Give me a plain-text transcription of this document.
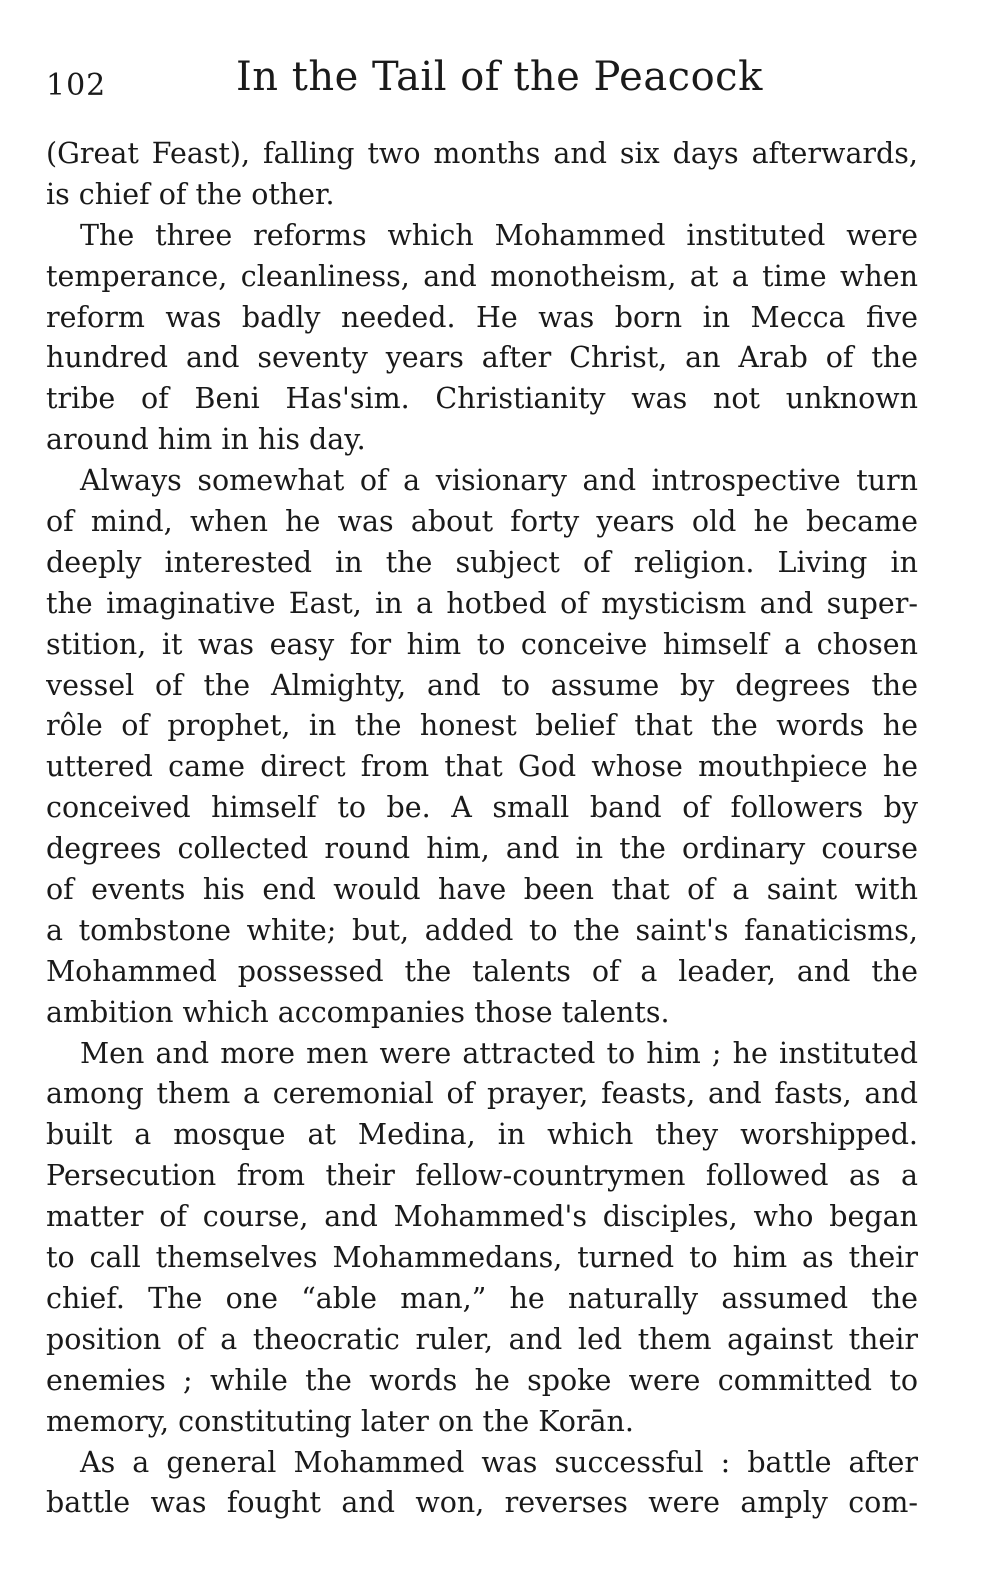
102	In the Tail of the Peacock
(Great Feast), falling two months and six days afterwards,
is chief of the other.
The three reforms which Mohammed instituted were
temperance, cleanliness, and monotheism, at a time when
reform was badly needed. He was born in Mecca five
hundred and seventy years after Christ, an Arab of the
tribe of Beni Has'sim. Christianity was not unknown
around him in his day.
Always somewhat of a visionary and introspective turn
of mind, when he was about forty years old he became
deeply interested in the subject of religion. Living in
the imaginative East, in a hotbed of mysticism and super-
stition, it was easy for him to conceive himself a chosen
vessel of the Almighty, and to assume by degrees the
rôle of prophet, in the honest belief that the words he
uttered came direct from that God whose mouthpiece he
conceived himself to be. A small band of followers by
degrees collected round him, and in the ordinary course
of events his end would have been that of a saint with
a tombstone white; but, added to the saint's fanaticisms,
Mohammed possessed the talents of a leader, and the
ambition which accompanies those talents.
Men and more men were attracted to him ; he instituted
among them a ceremonial of prayer, feasts, and fasts, and
built a mosque at Medina, in which they worshipped.
Persecution from their fellow-countrymen followed as a
matter of course, and Mohammed's disciples, who began
to call themselves Mohammedans, turned to him as their
chief. The one “able man,” he naturally assumed the
position of a theocratic ruler, and led them against their
enemies ; while the words he spoke were committed to
memory, constituting later on the Korān.
As a general Mohammed was successful : battle after
battle was fought and won, reverses were amply com-
